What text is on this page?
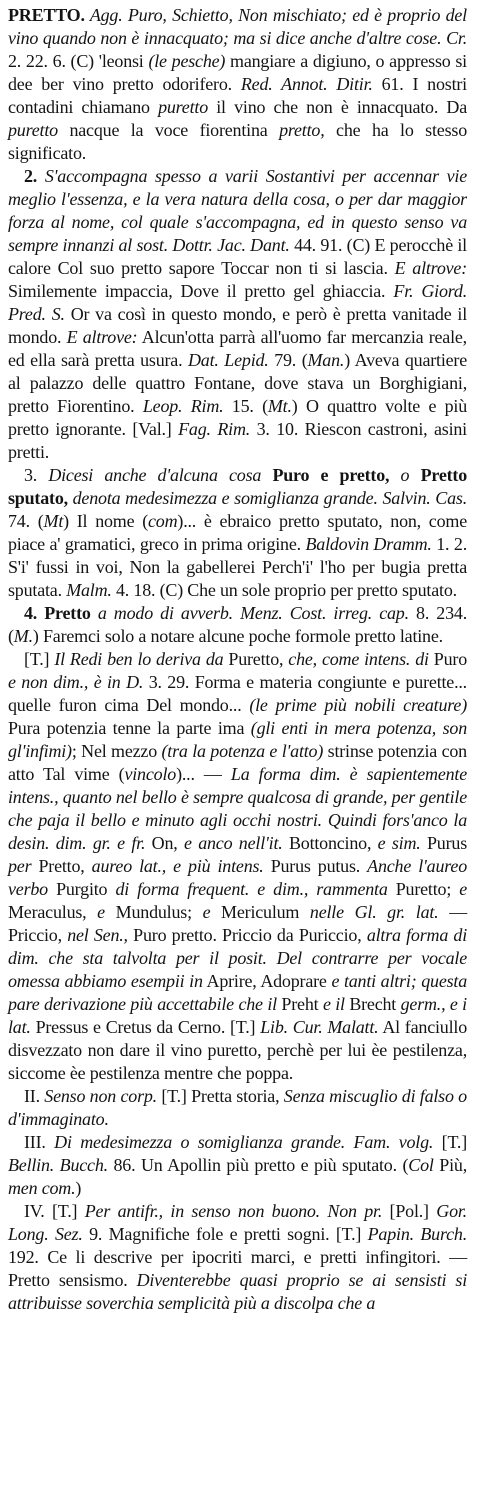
PRETTO. Agg. Puro, Schietto, Non mischiato; ed è proprio del vino quando non è innacquato; ma si dice anche d'altre cose. Cr. 2. 22. 6. (C) 'leonsi (le pesche) mangiare a digiuno, o appresso si dee ber vino pretto odorifero. Red. Annot. Ditir. 61. I nostri contadini chiamano puretto il vino che non è innacquato. Da puretto nacque la voce fiorentina pretto, che ha lo stesso significato.

2. S'accompagna spesso a varii Sostantivi per accennar vie meglio l'essenza, e la vera natura della cosa, o per dar maggior forza al nome, col quale s'accompagna, ed in questo senso va sempre innanzi al sost. Dottr. Jac. Dant. 44. 91. (C) E perocchè il calore Col suo pretto sapore Toccar non ti si lascia. E altrove: Similemente impaccia, Dove il pretto gel ghiaccia. Fr. Giord. Pred. S. Or va così in questo mondo, e però è pretta vanitade il mondo. E altrove: Alcun'otta parrà all'uomo far mercanzia reale, ed ella sarà pretta usura. Dat. Lepid. 79. (Man.) Aveva quartiere al palazzo delle quattro Fontane, dove stava un Borghigiani, pretto Fiorentino. Leop. Rim. 15. (Mt.) O quattro volte e più pretto ignorante. [Val.] Fag. Rim. 3. 10. Riescon castroni, asini pretti.

3. Dicesi anche d'alcuna cosa Puro e pretto, o Pretto sputato, denota medesimezza e somiglianza grande. Salvin. Cas. 74. (Mt) Il nome (com)... è ebraico pretto sputato, non, come piace a' gramatici, greco in prima origine. Baldovin Dramm. 1. 2. S'i' fussi in voi, Non la gabellerei Perch'i' l'ho per bugia pretta sputata. Malm. 4. 18. (C) Che un sole proprio per pretto sputato.

4. Pretto a modo di avverb. Menz. Cost. irreg. cap. 8. 234. (M.) Faremci solo a notare alcune poche formole pretto latine.

[T.] Il Redi ben lo deriva da Puretto, che, come intens. di Puro e non dim., è in D. 3. 29. Forma e materia congiunte e purette... quelle furon cima Del mondo... (le prime più nobili creature) Pura potenzia tenne la parte ima (gli enti in mera potenza, son gl'infimi); Nel mezzo (tra la potenza e l'atto) strinse potenzia con atto Tal vime (vincolo)... — La forma dim. è sapientemente intens., quanto nel bello è sempre qualcosa di grande, per gentile che paja il bello e minuto agli occhi nostri. Quindi fors'anco la desin. dim. gr. e fr. On, e anco nell'it. Bottoncino, e sim. Purus per Pretto, aureo lat., e più intens. Purus putus. Anche l'aureo verbo Purgito di forma frequent. e dim., rammenta Puretto; e Meraculus, e Mundulus; e Mericulum nelle Gl. gr. lat. — Priccio, nel Sen., Puro pretto. Priccio da Puriccio, altra forma di dim. che sta talvolta per il posit. Del contrarre per vocale omessa abbiamo esempii in Aprire, Adoprare e tanti altri; questa pare derivazione più accettabile che il Preht e il Brecht germ., e i lat. Pressus e Cretus da Cerno. [T.] Lib. Cur. Malatt. Al fanciullo disvezzato non dare il vino puretto, perchè per lui èe pestilenza, siccome èe pestilenza mentre che poppa.

II. Senso non corp. [T.] Pretta storia, Senza miscuglio di falso o d'immaginato.

III. Di medesimezza o somiglianza grande. Fam. volg. [T.] Bellin. Bucch. 86. Un Apollin più pretto e più sputato. (Col Più, men com.)

IV. [T.] Per antifr., in senso non buono. Non pr. [Pol.] Gor. Long. Sez. 9. Magnifiche fole e pretti sogni. [T.] Papin. Burch. 192. Ce li descrive per ipocriti marci, e pretti infingitori. — Pretto sensismo. Diventerebbe quasi proprio se ai sensisti si attribuisse soverchia semplicità più a discolpa che a
